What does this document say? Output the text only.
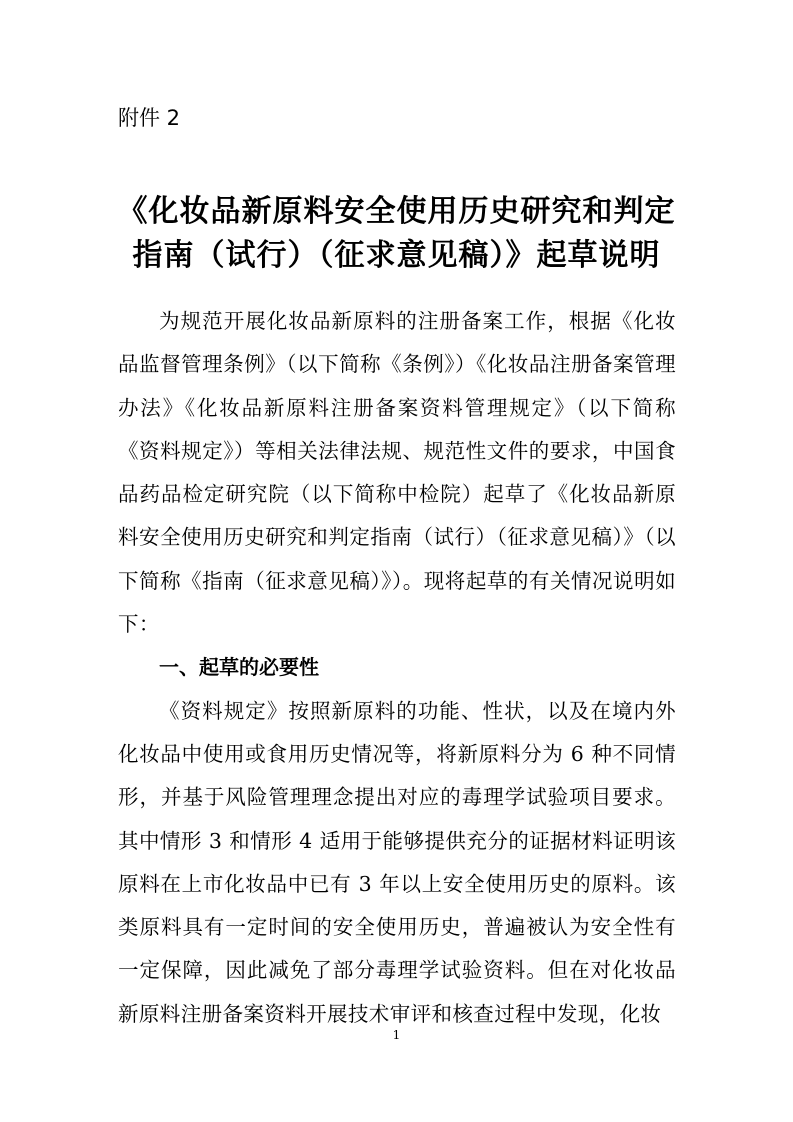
附件 2
《化妆品新原料安全使用历史研究和判定
指南（试行）（征求意见稿）》起草说明

为规范开展化妆品新原料的注册备案工作，根据《化妆品监督管理条例》（以下简称《条例》）《化妆品注册备案管理办法》《化妆品新原料注册备案资料管理规定》（以下简称《资料规定》）等相关法律法规、规范性文件的要求，中国食品药品检定研究院（以下简称中检院）起草了《化妆品新原料安全使用历史研究和判定指南（试行）（征求意见稿）》（以下简称《指南（征求意见稿）》）。现将起草的有关情况说明如下：

一、起草的必要性

《资料规定》按照新原料的功能、性状，以及在境内外化妆品中使用或食用历史情况等，将新原料分为 6 种不同情形，并基于风险管理理念提出对应的毒理学试验项目要求。其中情形 3 和情形 4 适用于能够提供充分的证据材料证明该原料在上市化妆品中已有 3 年以上安全使用历史的原料。该类原料具有一定时间的安全使用历史，普遍被认为安全性有一定保障，因此减免了部分毒理学试验资料。但在对化妆品新原料注册备案资料开展技术审评和核查过程中发现，化妆

1
